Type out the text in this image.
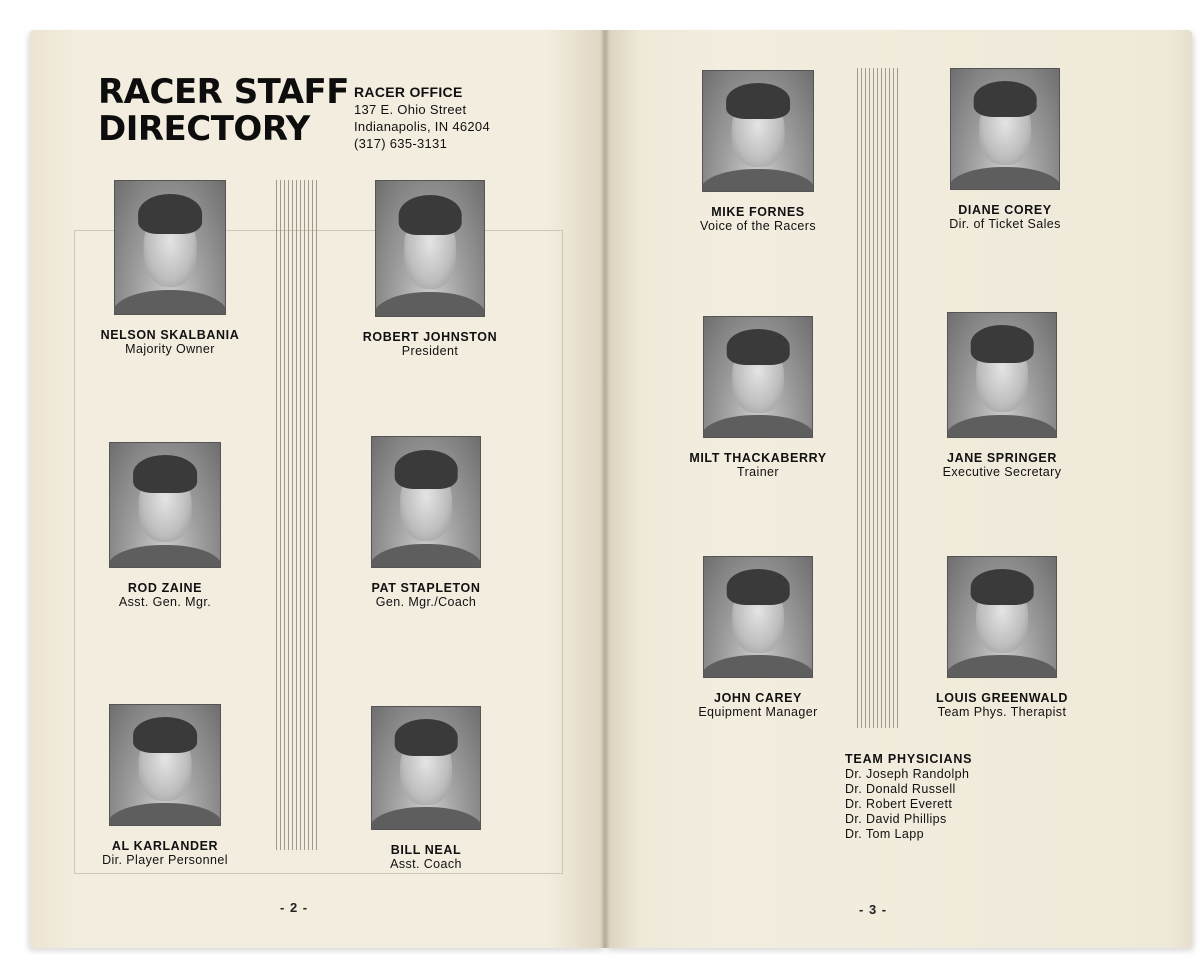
RACER STAFF
DIRECTORY
RACER OFFICE
137 E. Ohio Street
Indianapolis, IN 46204
(317) 635-3131
NELSON SKALBANIA
Majority Owner
ROBERT JOHNSTON
President
ROD ZAINE
Asst. Gen. Mgr.
PAT STAPLETON
Gen. Mgr./Coach
AL KARLANDER
Dir. Player Personnel
BILL NEAL
Asst. Coach
- 2 -
MIKE FORNES
Voice of the Racers
DIANE COREY
Dir. of Ticket Sales
MILT THACKABERRY
Trainer
JANE SPRINGER
Executive Secretary
JOHN CAREY
Equipment Manager
LOUIS GREENWALD
Team Phys. Therapist
TEAM PHYSICIANS
Dr. Joseph Randolph
Dr. Donald Russell
Dr. Robert Everett
Dr. David Phillips
Dr. Tom Lapp
- 3 -
